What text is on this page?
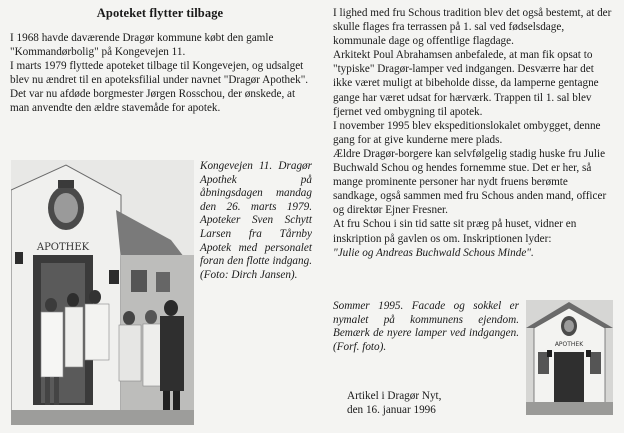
Apoteket flytter tilbage

I 1968 havde daværende Dragør kommune købt den gamle "Kommandørbolig" på Kongevejen 11.

I marts 1979 flyttede apoteket tilbage til Kongevejen, og udsalget blev nu ændret til en apoteksfilial under navnet "Dragør Apothek". Det var nu afdøde borgmester Jørgen Rosschou, der ønskede, at man anvendte den ældre stavemåde for apotek.

APOTHEK
Kongevejen 11. Dragør Apothek på åbningsdagen mandag den 26. marts 1979. Apoteker Sven Schytt Larsen fra Tårnby Apotek med personalet foran den flotte indgang. (Foto: Dirch Jansen).

I lighed med fru Schous tradition blev det også bestemt, at der skulle flages fra terrassen på 1. sal ved fødselsdage, kommunale dage og offentlige flagdage.

Arkitekt Poul Abrahamsen anbefalede, at man fik opsat to "typiske" Dragør-lamper ved indgangen. Desværre har det ikke været muligt at bibeholde disse, da lamperne gentagne gange har været udsat for hærværk. Trappen til 1. sal blev fjernet ved ombygning til apotek.

I november 1995 blev ekspeditionslokalet ombygget, denne gang for at give kunderne mere plads.

Ældre Dragør-borgere kan selvfølgelig stadig huske fru Julie Buchwald Schou og hendes fornemme stue. Det er her, så mange prominente personer har nydt fruens berømte sandkage, også sammen med fru Schous anden mand, officer og direktør Ejner Fresner.

At fru Schou i sin tid satte sit præg på huset, vidner en inskription på gavlen os om. Inskriptionen lyder:

"Julie og Andreas Buchwald Schous Minde".

Sommer 1995. Facade og sokkel er nymalet på kommunens ejendom. Bemærk de nyere lamper ved indgangen. (Forf. foto).	APOTHEK
Artikel i Dragør Nyt,
den 16. januar 1996
